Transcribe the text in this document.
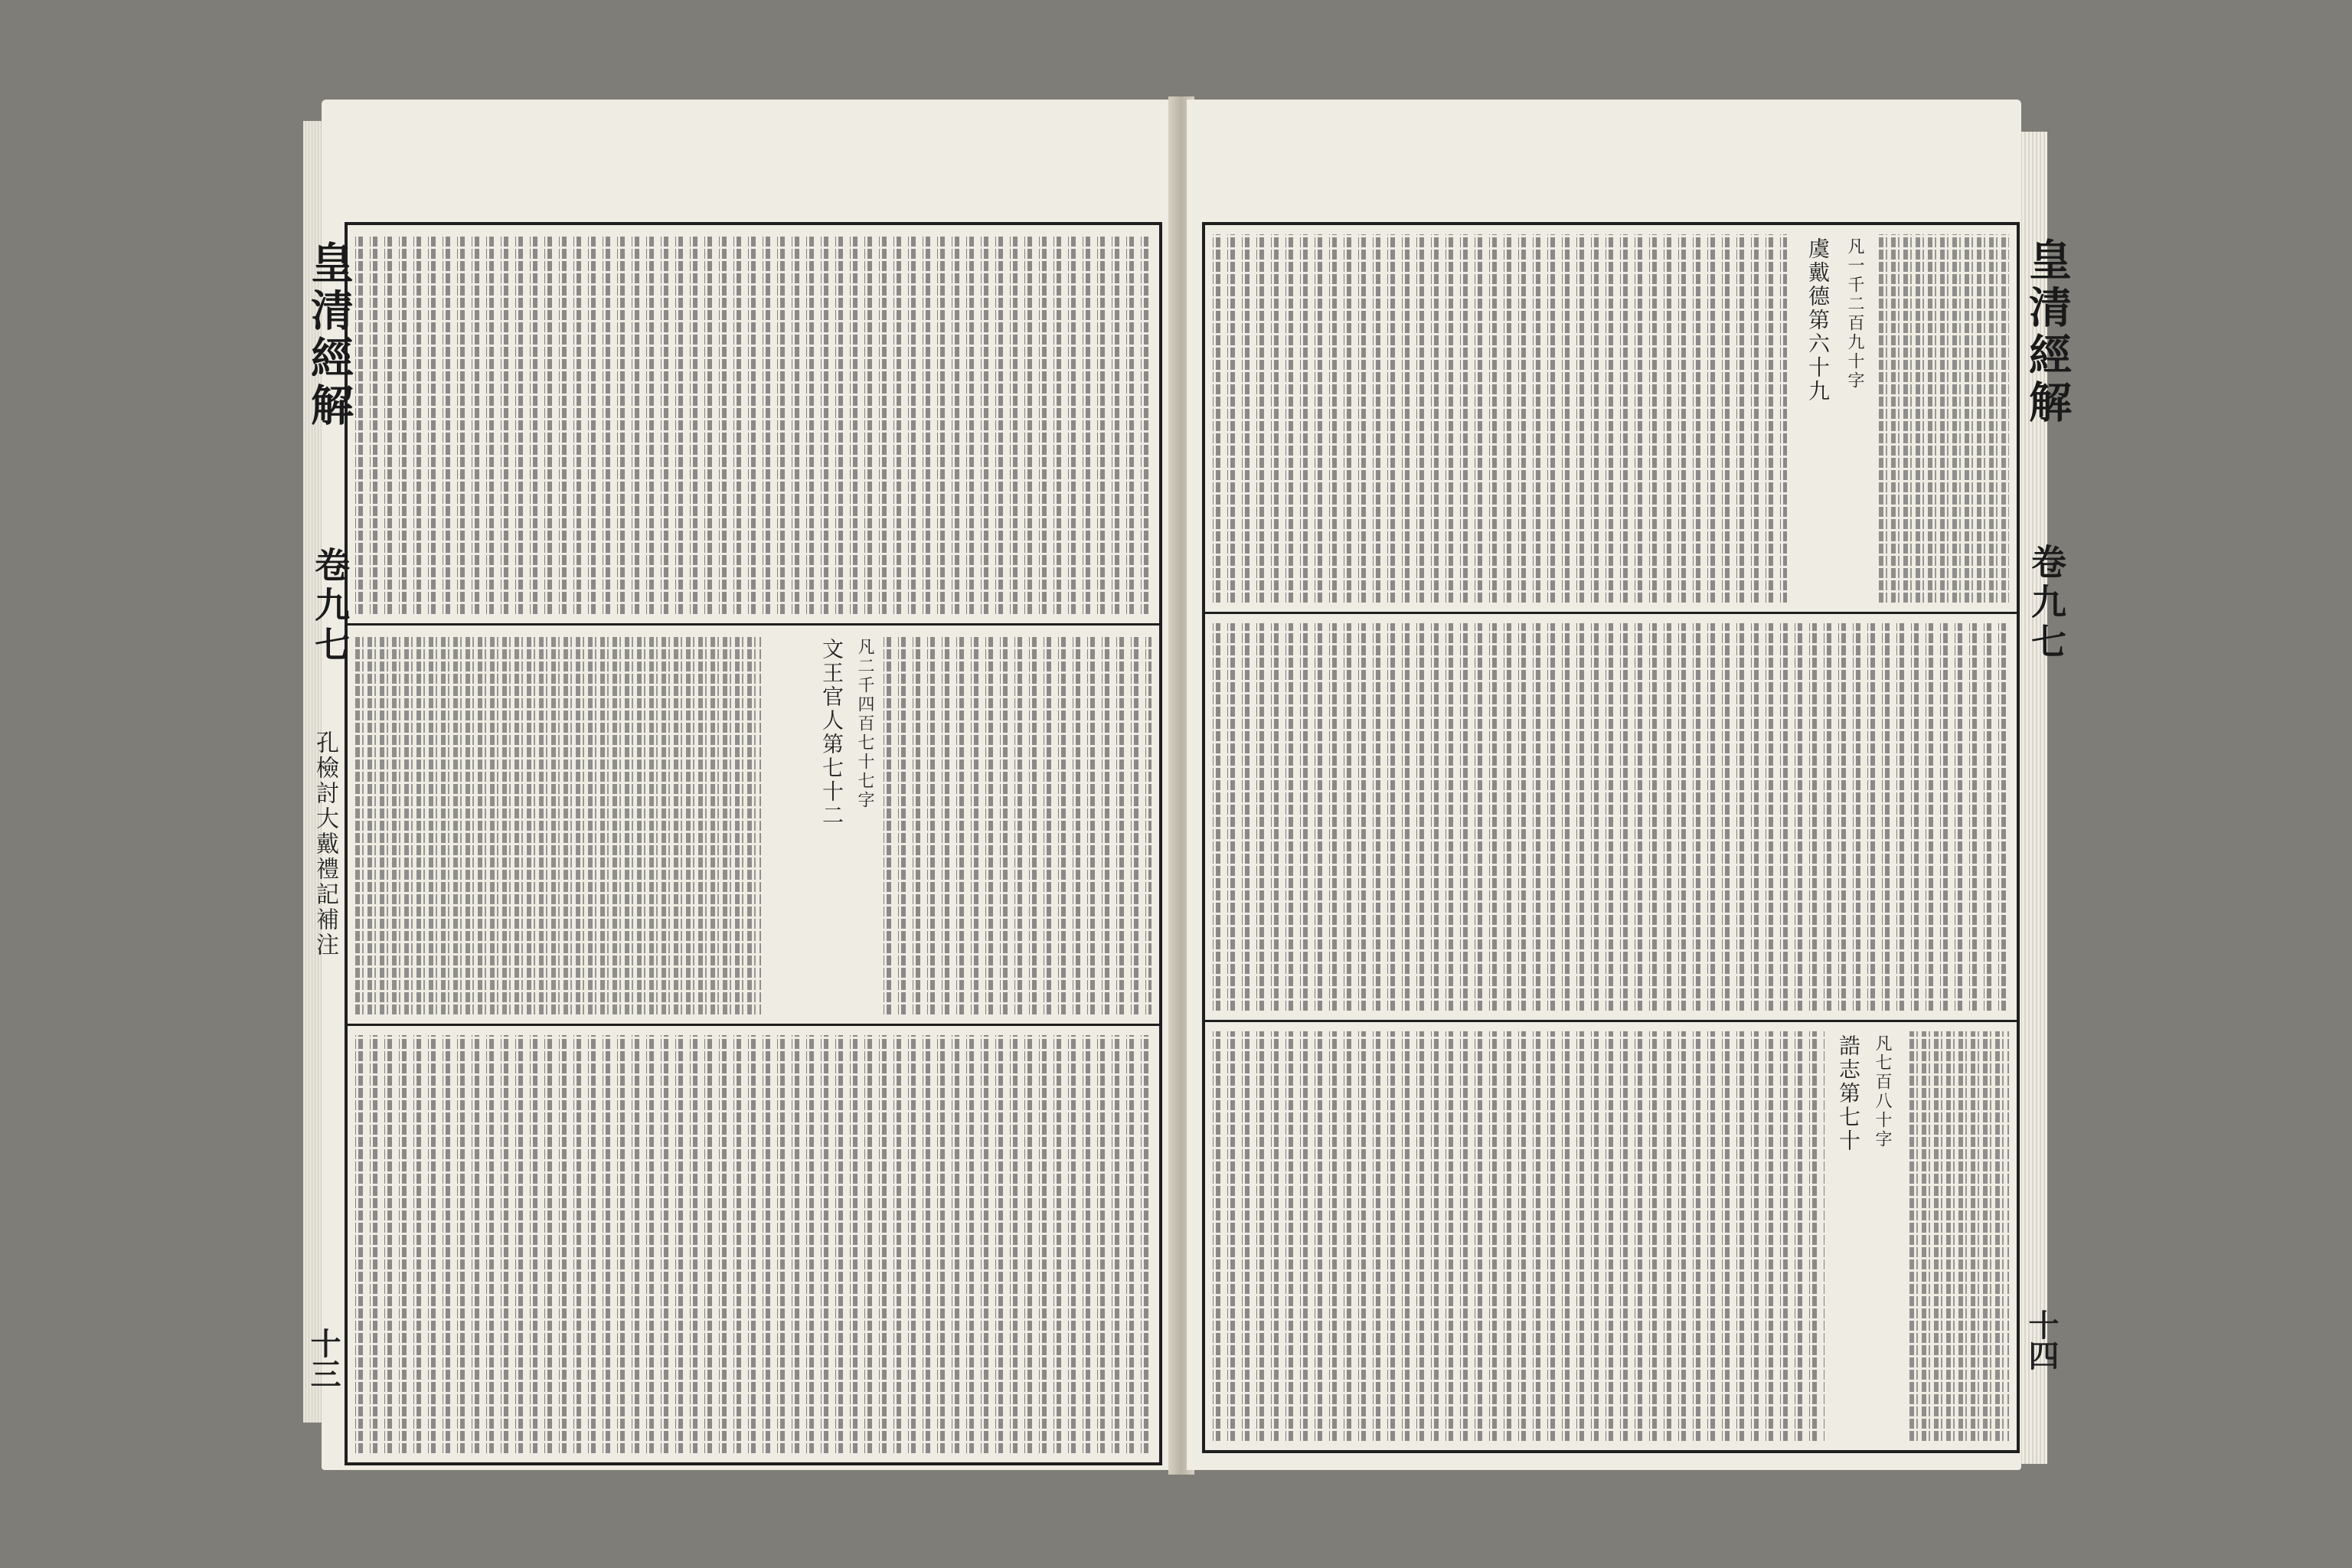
皇清經解
卷九七
孔檢討大戴禮記補注
十三
文王官人第七十二 凡二千四百七十七字
虞戴德第六十九 凡一千二百九十字
誥志第七十 凡七百八十字
皇清經解
卷九七
十四
